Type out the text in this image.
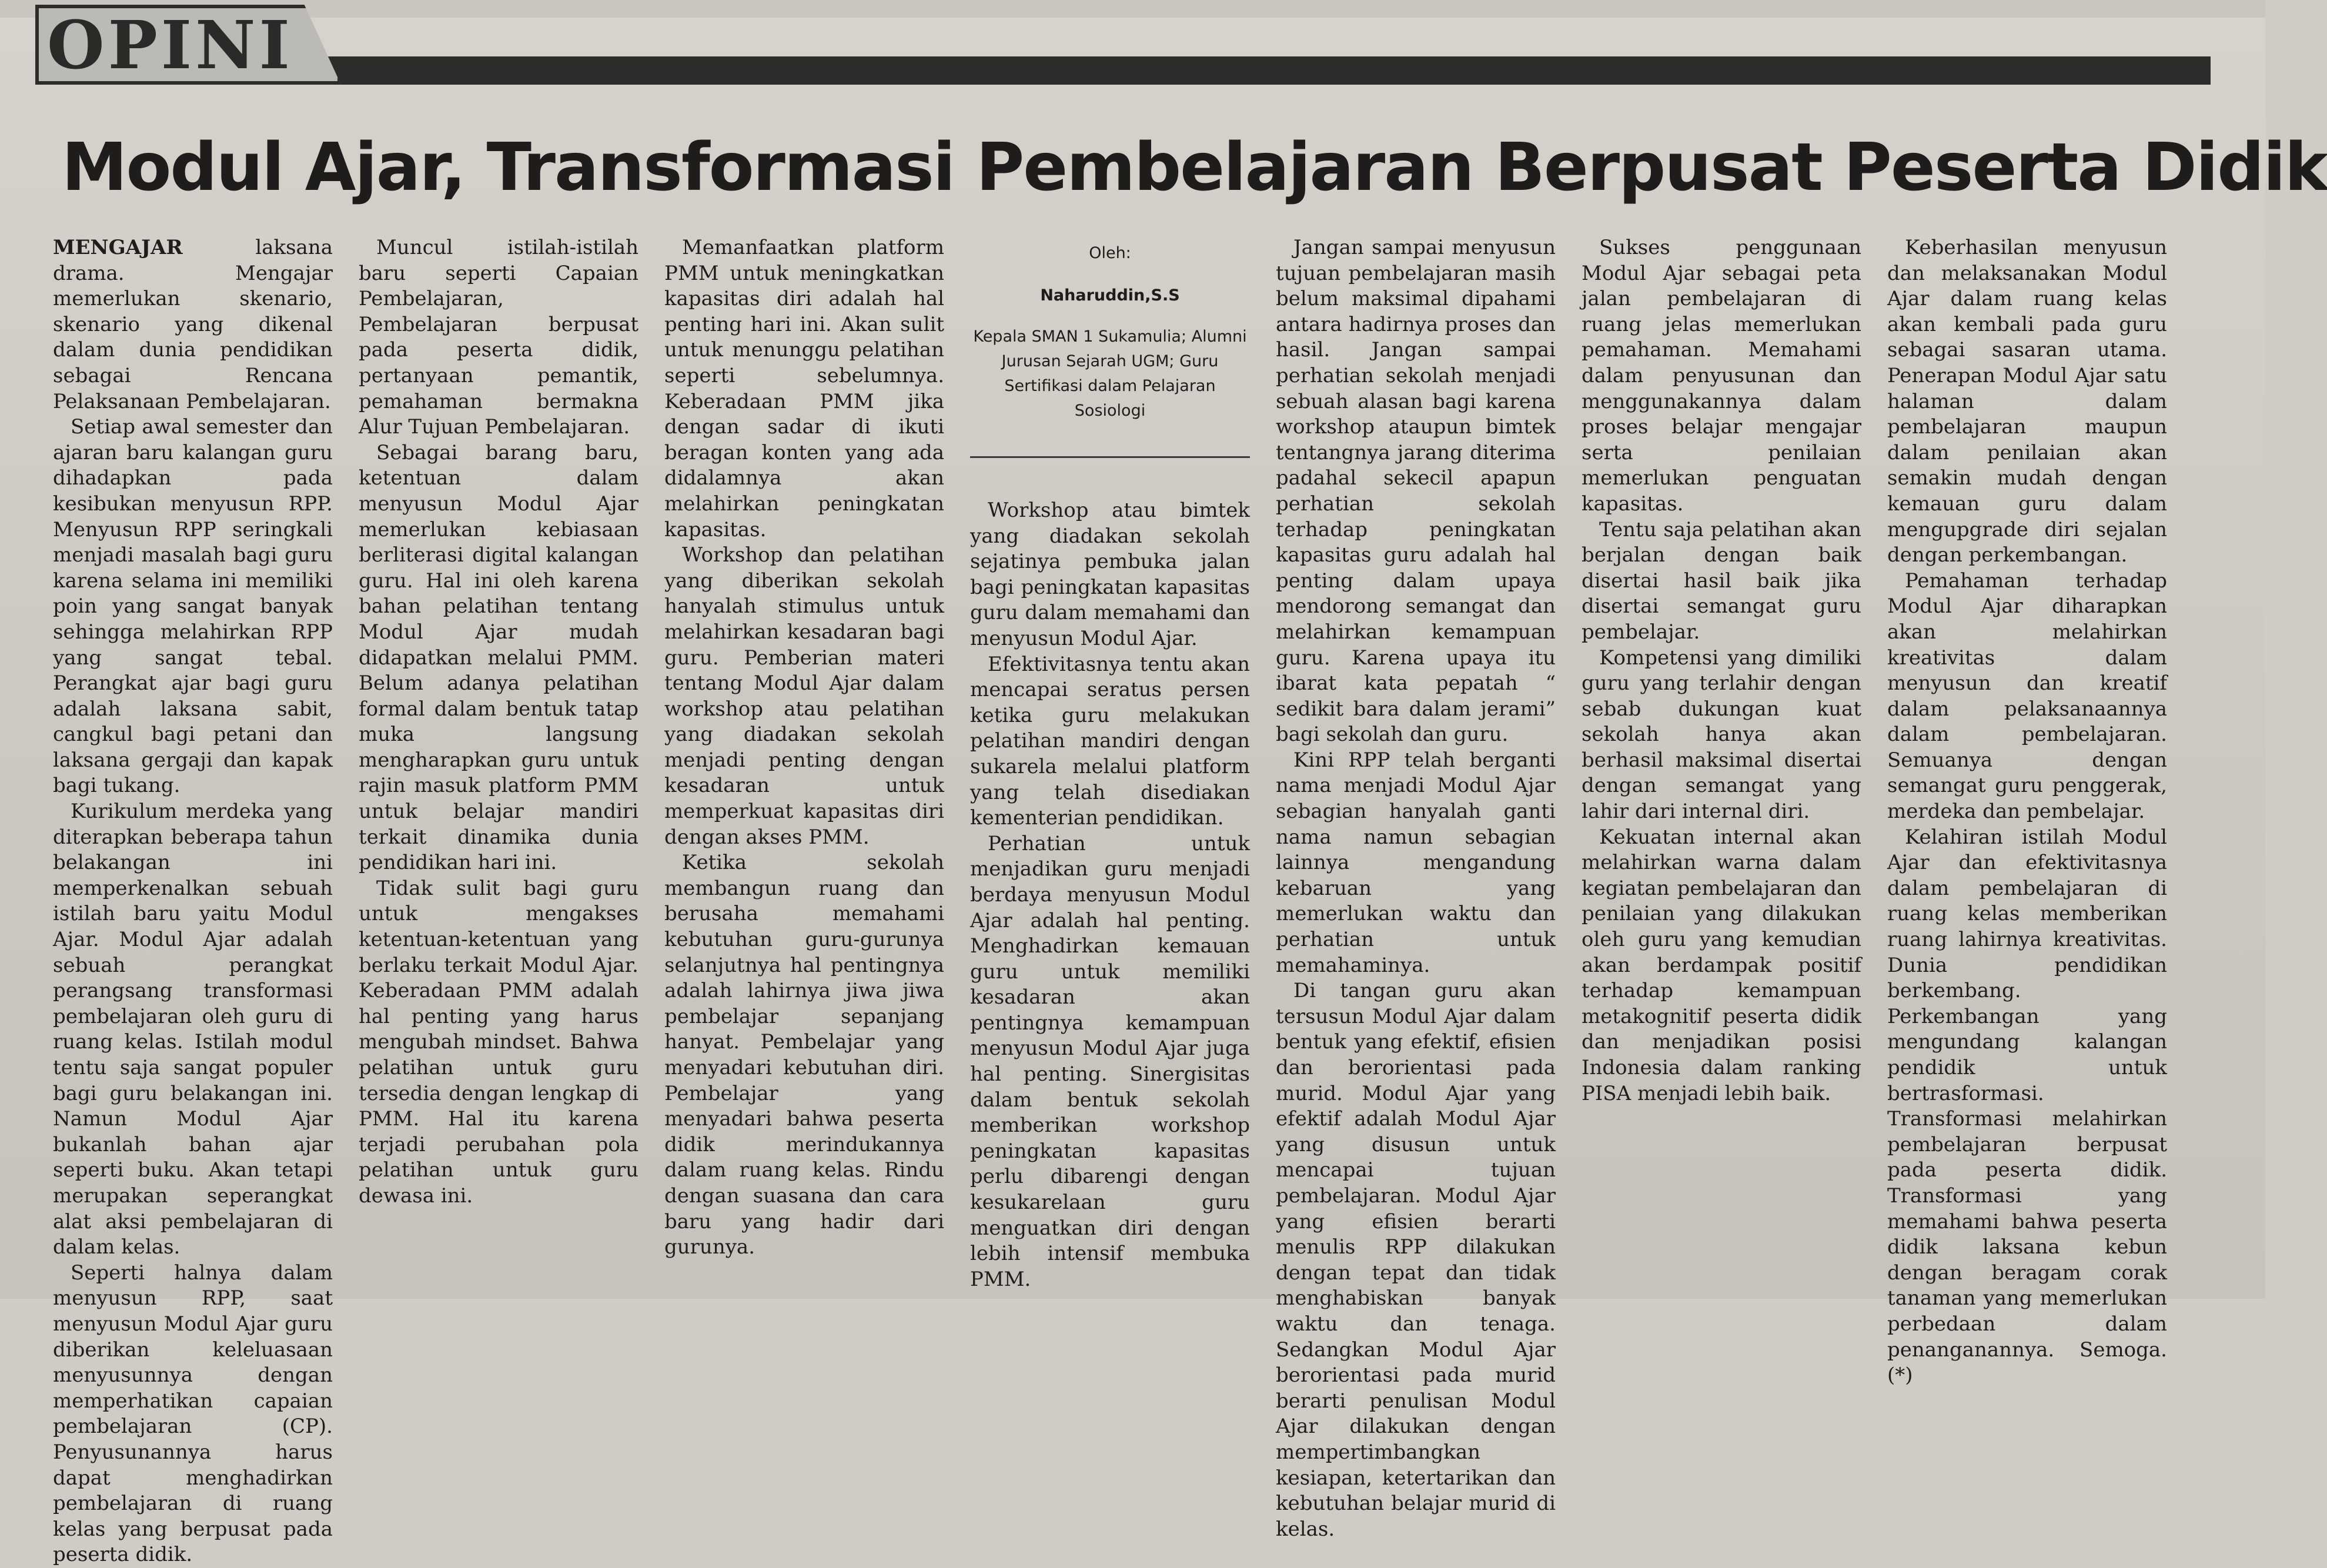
OPINI
Modul Ajar, Transformasi Pembelajaran Berpusat Peserta Didik

MENGAJAR laksana drama. Mengajar memerlukan skenario, skenario yang dikenal dalam dunia pendidikan sebagai Rencana Pelaksanaan Pembelajaran.

Setiap awal semester dan ajaran baru kalangan guru dihadapkan pada kesibukan menyusun RPP. Menyusun RPP seringkali menjadi masalah bagi guru karena selama ini memiliki poin yang sangat banyak sehingga melahirkan RPP yang sangat tebal. Perangkat ajar bagi guru adalah laksana sabit, cangkul bagi petani dan laksana gergaji dan kapak bagi tukang.

Kurikulum merdeka yang diterapkan beberapa tahun belakangan ini memperkenalkan sebuah istilah baru yaitu Modul Ajar. Modul Ajar adalah sebuah perangkat perangsang transformasi pembelajaran oleh guru di ruang kelas. Istilah modul tentu saja sangat populer bagi guru belakangan ini. Namun Modul Ajar bukanlah bahan ajar seperti buku. Akan tetapi merupakan seperangkat alat aksi pembelajaran di dalam kelas.

Seperti halnya dalam menyusun RPP, saat menyusun Modul Ajar guru diberikan keleluasaan menyusunnya dengan memperhatikan capaian pembelajaran (CP). Penyusunannya harus dapat menghadirkan pembelajaran di ruang kelas yang berpusat pada peserta didik.

Muncul istilah-istilah baru seperti Capaian Pembelajaran, Pembelajaran berpusat pada peserta didik, pertanyaan pemantik, pemahaman bermakna Alur Tujuan Pembelajaran.

Sebagai barang baru, ketentuan dalam menyusun Modul Ajar memerlukan kebiasaan berliterasi digital kalangan guru. Hal ini oleh karena bahan pelatihan tentang Modul Ajar mudah didapatkan melalui PMM. Belum adanya pelatihan formal dalam bentuk tatap muka langsung mengharapkan guru untuk rajin masuk platform PMM untuk belajar mandiri terkait dinamika dunia pendidikan hari ini.

Tidak sulit bagi guru untuk mengakses ketentuan-ketentuan yang berlaku terkait Modul Ajar. Keberadaan PMM adalah hal penting yang harus mengubah mindset. Bahwa pelatihan untuk guru tersedia dengan lengkap di PMM. Hal itu karena terjadi perubahan pola pelatihan untuk guru dewasa ini.

Memanfaatkan platform PMM untuk meningkatkan kapasitas diri adalah hal penting hari ini. Akan sulit untuk menunggu pelatihan seperti sebelumnya. Keberadaan PMM jika dengan sadar di ikuti beragan konten yang ada didalamnya akan melahirkan peningkatan kapasitas.

Workshop dan pelatihan yang diberikan sekolah hanyalah stimulus untuk melahirkan kesadaran bagi guru. Pemberian materi tentang Modul Ajar dalam workshop atau pelatihan yang diadakan sekolah menjadi penting dengan kesadaran untuk memperkuat kapasitas diri dengan akses PMM.

Ketika sekolah membangun ruang dan berusaha memahami kebutuhan guru-gurunya selanjutnya hal pentingnya adalah lahirnya jiwa jiwa pembelajar sepanjang hanyat. Pembelajar yang menyadari kebutuhan diri. Pembelajar yang menyadari bahwa peserta didik merindukannya dalam ruang kelas. Rindu dengan suasana dan cara baru yang hadir dari gurunya.

Oleh:
Naharuddin,S.S
Kepala SMAN 1 Sukamulia; Alumni Jurusan Sejarah UGM; Guru Sertifikasi dalam Pelajaran Sosiologi

Workshop atau bimtek yang diadakan sekolah sejatinya pembuka jalan bagi peningkatan kapasitas guru dalam memahami dan menyusun Modul Ajar.

Efektivitasnya tentu akan mencapai seratus persen ketika guru melakukan pelatihan mandiri dengan sukarela melalui platform yang telah disediakan kementerian pendidikan.

Perhatian untuk menjadikan guru menjadi berdaya menyusun Modul Ajar adalah hal penting. Menghadirkan kemauan guru untuk memiliki kesadaran akan pentingnya kemampuan menyusun Modul Ajar juga hal penting. Sinergisitas dalam bentuk sekolah memberikan workshop peningkatan kapasitas perlu dibarengi dengan kesukarelaan guru menguatkan diri dengan lebih intensif membuka PMM.

Jangan sampai menyusun tujuan pembelajaran masih belum maksimal dipahami antara hadirnya proses dan hasil. Jangan sampai perhatian sekolah menjadi sebuah alasan bagi karena workshop ataupun bimtek tentangnya jarang diterima padahal sekecil apapun perhatian sekolah terhadap peningkatan kapasitas guru adalah hal penting dalam upaya mendorong semangat dan melahirkan kemampuan guru. Karena upaya itu ibarat kata pepatah “ sedikit bara dalam jerami” bagi sekolah dan guru.

Kini RPP telah berganti nama menjadi Modul Ajar sebagian hanyalah ganti nama namun sebagian lainnya mengandung kebaruan yang memerlukan waktu dan perhatian untuk memahaminya.

Di tangan guru akan tersusun Modul Ajar dalam bentuk yang efektif, efisien dan berorientasi pada murid. Modul Ajar yang efektif adalah Modul Ajar yang disusun untuk mencapai tujuan pembelajaran. Modul Ajar yang efisien berarti menulis RPP dilakukan dengan tepat dan tidak menghabiskan banyak waktu dan tenaga. Sedangkan Modul Ajar berorientasi pada murid berarti penulisan Modul Ajar dilakukan dengan mempertimbangkan kesiapan, ketertarikan dan kebutuhan belajar murid di kelas.

Sukses penggunaan Modul Ajar sebagai peta jalan pembelajaran di ruang jelas memerlukan pemahaman. Memahami dalam penyusunan dan menggunakannya dalam proses belajar mengajar serta penilaian memerlukan penguatan kapasitas.

Tentu saja pelatihan akan berjalan dengan baik disertai hasil baik jika disertai semangat guru pembelajar.

Kompetensi yang dimiliki guru yang terlahir dengan sebab dukungan kuat sekolah hanya akan berhasil maksimal disertai dengan semangat yang lahir dari internal diri.

Kekuatan internal akan melahirkan warna dalam kegiatan pembelajaran dan penilaian yang dilakukan oleh guru yang kemudian akan berdampak positif terhadap kemampuan metakognitif peserta didik dan menjadikan posisi Indonesia dalam ranking PISA menjadi lebih baik.

Keberhasilan menyusun dan melaksanakan Modul Ajar dalam ruang kelas akan kembali pada guru sebagai sasaran utama. Penerapan Modul Ajar satu halaman dalam pembelajaran maupun dalam penilaian akan semakin mudah dengan kemauan guru dalam mengupgrade diri sejalan dengan perkembangan.

Pemahaman terhadap Modul Ajar diharapkan akan melahirkan kreativitas dalam menyusun dan kreatif dalam pelaksanaannya dalam pembelajaran. Semuanya dengan semangat guru penggerak, merdeka dan pembelajar.

Kelahiran istilah Modul Ajar dan efektivitasnya dalam pembelajaran di ruang kelas memberikan ruang lahirnya kreativitas. Dunia pendidikan berkembang. Perkembangan yang mengundang kalangan pendidik untuk bertrasformasi. Transformasi melahirkan pembelajaran berpusat pada peserta didik. Transformasi yang memahami bahwa peserta didik laksana kebun dengan beragam corak tanaman yang memerlukan perbedaan dalam penanganannya. Semoga. (*)
